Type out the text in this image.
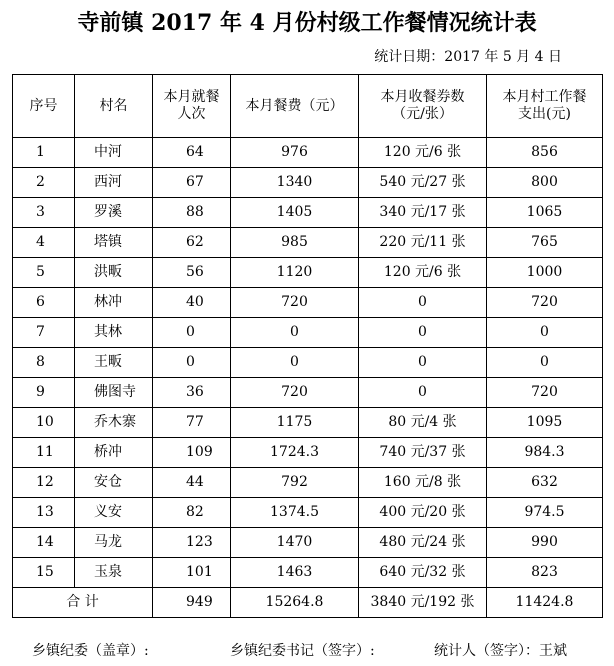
寺前镇 2017 年 4 月份村级工作餐情况统计表
统计日期：2017 年 5 月 4 日
序号	村名	本月就餐人次	本月餐费（元）	本月收餐券数（元/张）	本月村工作餐支出(元)

1	中河	64	976	120 元/6 张	856
2	西河	67	1340	540 元/27 张	800
3	罗溪	88	1405	340 元/17 张	1065
4	塔镇	62	985	220 元/11 张	765
5	洪畈	56	1120	120 元/6 张	1000
6	林冲	40	720	0	720
7	其林	0	0	0	0
8	王畈	0	0	0	0
9	佛图寺	36	720	0	720
10	乔木寨	77	1175	80 元/4 张	1095
11	桥冲	109	1724.3	740 元/37 张	984.3
12	安仓	44	792	160 元/8 张	632
13	义安	82	1374.5	400 元/20 张	974.5
14	马龙	123	1470	480 元/24 张	990
15	玉泉	101	1463	640 元/32 张	823
合 计		949	15264.8	3840 元/192 张	11424.8
乡镇纪委（盖章）:	乡镇纪委书记（签字）:	统计人（签字）：王斌
